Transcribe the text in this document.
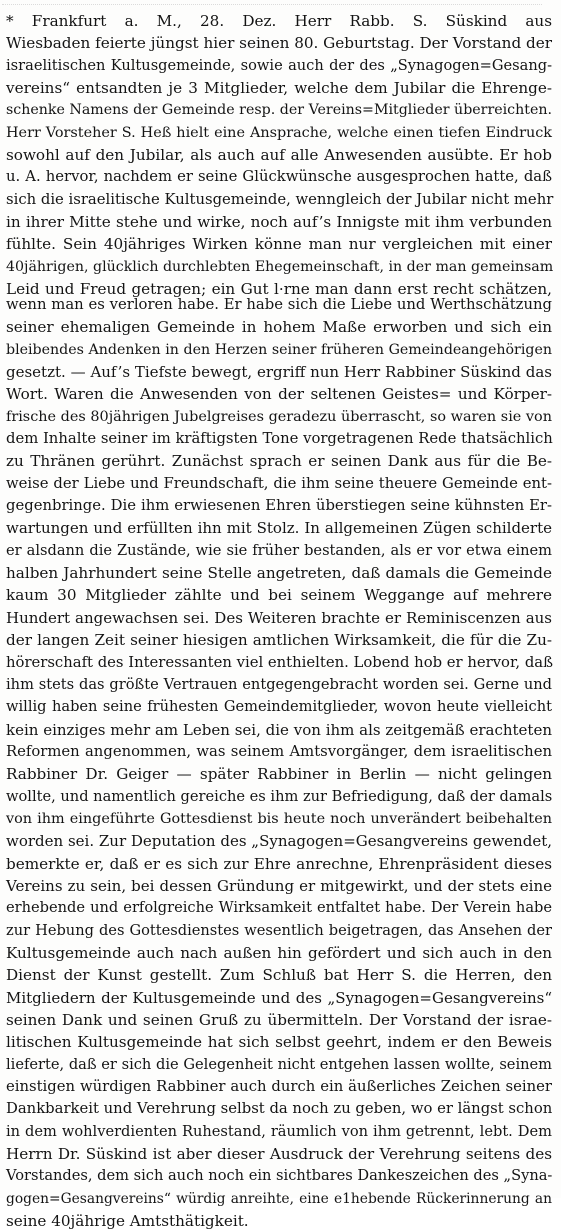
* Frankfurt a. M., 28. Dez. Herr Rabb. S. Süskind aus
Wiesbaden feierte jüngst hier seinen 80. Geburtstag. Der Vorstand der
israelitischen Kultusgemeinde, sowie auch der des „Synagogen=Gesang-
vereins“ entsandten je 3 Mitglieder, welche dem Jubilar die Ehrenge-
schenke Namens der Gemeinde resp. der Vereins=Mitglieder überreichten.
Herr Vorsteher S. Heß hielt eine Ansprache, welche einen tiefen Eindruck
sowohl auf den Jubilar, als auch auf alle Anwesenden ausübte. Er hob
u. A. hervor, nachdem er seine Glückwünsche ausgesprochen hatte, daß
sich die israelitische Kultusgemeinde, wenngleich der Jubilar nicht mehr
in ihrer Mitte stehe und wirke, noch auf’s Innigste mit ihm verbunden
fühlte. Sein 40jähriges Wirken könne man nur vergleichen mit einer
40jährigen, glücklich durchlebten Ehegemeinschaft, in der man gemeinsam
Leid und Freud getragen; ein Gut l·rne man dann erst recht schätzen,
wenn man es verloren habe. Er habe sich die Liebe und Werthschätzung
seiner ehemaligen Gemeinde in hohem Maße erworben und sich ein
bleibendes Andenken in den Herzen seiner früheren Gemeindeangehörigen
gesetzt. — Auf’s Tiefste bewegt, ergriff nun Herr Rabbiner Süskind das
Wort. Waren die Anwesenden von der seltenen Geistes= und Körper-
frische des 80jährigen Jubelgreises geradezu überrascht, so waren sie von
dem Inhalte seiner im kräftigsten Tone vorgetragenen Rede thatsächlich
zu Thränen gerührt. Zunächst sprach er seinen Dank aus für die Be-
weise der Liebe und Freundschaft, die ihm seine theuere Gemeinde ent-
gegenbringe. Die ihm erwiesenen Ehren überstiegen seine kühnsten Er-
wartungen und erfüllten ihn mit Stolz. In allgemeinen Zügen schilderte
er alsdann die Zustände, wie sie früher bestanden, als er vor etwa einem
halben Jahrhundert seine Stelle angetreten, daß damals die Gemeinde
kaum 30 Mitglieder zählte und bei seinem Weggange auf mehrere
Hundert angewachsen sei. Des Weiteren brachte er Reminiscenzen aus
der langen Zeit seiner hiesigen amtlichen Wirksamkeit, die für die Zu-
hörerschaft des Interessanten viel enthielten. Lobend hob er hervor, daß
ihm stets das größte Vertrauen entgegengebracht worden sei. Gerne und
willig haben seine frühesten Gemeindemitglieder, wovon heute vielleicht
kein einziges mehr am Leben sei, die von ihm als zeitgemäß erachteten
Reformen angenommen, was seinem Amtsvorgänger, dem israelitischen
Rabbiner Dr. Geiger — später Rabbiner in Berlin — nicht gelingen
wollte, und namentlich gereiche es ihm zur Befriedigung, daß der damals
von ihm eingeführte Gottesdienst bis heute noch unverändert beibehalten
worden sei. Zur Deputation des „Synagogen=Gesangvereins gewendet,
bemerkte er, daß er es sich zur Ehre anrechne, Ehrenpräsident dieses
Vereins zu sein, bei dessen Gründung er mitgewirkt, und der stets eine
erhebende und erfolgreiche Wirksamkeit entfaltet habe. Der Verein habe
zur Hebung des Gottesdienstes wesentlich beigetragen, das Ansehen der
Kultusgemeinde auch nach außen hin gefördert und sich auch in den
Dienst der Kunst gestellt. Zum Schluß bat Herr S. die Herren, den
Mitgliedern der Kultusgemeinde und des „Synagogen=Gesangvereins“
seinen Dank und seinen Gruß zu übermitteln. Der Vorstand der israe-
litischen Kultusgemeinde hat sich selbst geehrt, indem er den Beweis
lieferte, daß er sich die Gelegenheit nicht entgehen lassen wollte, seinem
einstigen würdigen Rabbiner auch durch ein äußerliches Zeichen seiner
Dankbarkeit und Verehrung selbst da noch zu geben, wo er längst schon
in dem wohlverdienten Ruhestand, räumlich von ihm getrennt, lebt. Dem
Herrn Dr. Süskind ist aber dieser Ausdruck der Verehrung seitens des
Vorstandes, dem sich auch noch ein sichtbares Dankeszeichen des „Syna-
gogen=Gesangvereins“ würdig anreihte, eine e1hebende Rückerinnerung an
seine 40jährige Amtsthätigkeit.
